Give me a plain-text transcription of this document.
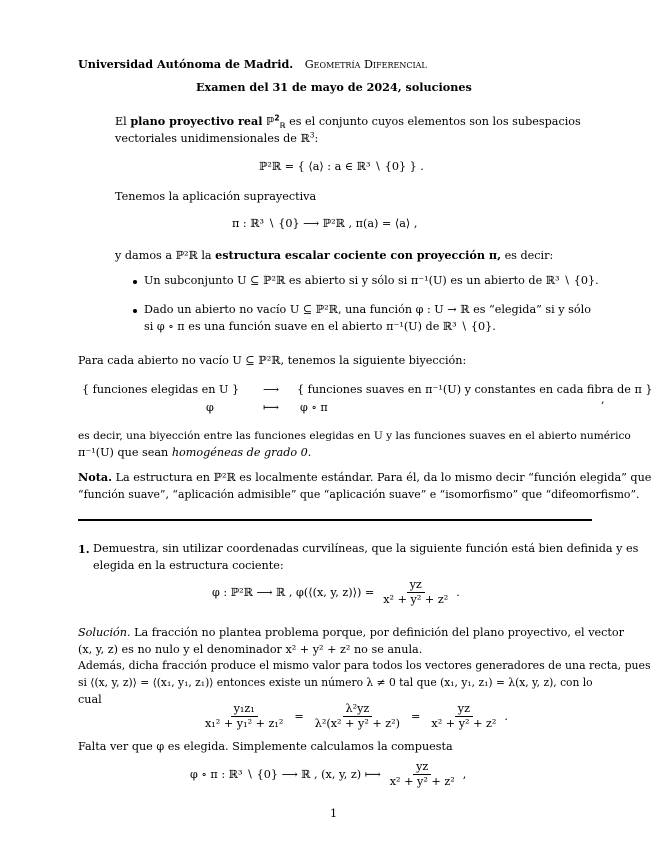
Universidad Autónoma de Madrid. Geometría Diferencial
Examen del 31 de mayo de 2024, soluciones
El plano proyectivo real ℙ$^2_ℝ$ es el conjunto cuyos elementos son los subespacios
vectoriales unidimensionales de ℝ$^3$:
ℙ²ℝ = { ⟨a⟩ : a ∈ ℝ³ ∖ {0} } .
Tenemos la aplicación suprayectiva
π : ℝ³ ∖ {0} ⟶ ℙ²ℝ , π(a) = ⟨a⟩ ,
y damos a ℙ²ℝ la estructura escalar cociente con proyección π, es decir:
Un subconjunto U ⊆ ℙ²ℝ es abierto si y sólo si π⁻¹(U) es un abierto de ℝ³ ∖ {0}.
Dado un abierto no vacío U ⊆ ℙ²ℝ, una función φ : U → ℝ es “elegida” si y sólo
si φ ∘ π es una función suave en el abierto π⁻¹(U) de ℝ³ ∖ {0}.
Para cada abierto no vacío U ⊆ ℙ²ℝ, tenemos la siguiente biyección:
{ funciones elegidas en U } ⟶ { funciones suaves en π⁻¹(U) y constantes en cada fibra de π }
,
φ	⟼ φ ∘ π
es decir, una biyección entre las funciones elegidas en U y las funciones suaves en el abierto numérico
π⁻¹(U) que sean homogéneas de grado 0.
Nota. La estructura en ℙ²ℝ es localmente estándar. Para él, da lo mismo decir “función elegida” que
“función suave”, “aplicación admisible” que “aplicación suave” e “isomorfismo” que “difeomorfismo”.
1. Demuestra, sin utilizar coordenadas curvilíneas, que la siguiente función está bien definida y es
elegida en la estructura cociente:
φ : ℙ²ℝ ⟶ ℝ , φ(⟨(x, y, z)⟩) = $\frac{yz}{\text{x² + y² + z²}}$ .
Solución. La fracción no plantea problema porque, por definición del plano proyectivo, el vector
(x, y, z) es no nulo y el denominador x² + y² + z² no se anula.
Además, dicha fracción produce el mismo valor para todos los vectores generadores de una recta, pues
si ⟨(x, y, z)⟩ = ⟨(x₁, y₁, z₁)⟩ entonces existe un número λ ≠ 0 tal que (x₁, y₁, z₁) = λ(x, y, z), con lo
cual
$\frac{\text{y₁z₁}}{\text{x₁² + y₁² + z₁²}} = \frac{\text{λ²yz}}{\text{λ²(x² + y² + z²)}} = \frac{yz}{\text{x² + y² + z²}}$ .
Falta ver que φ es elegida. Simplemente calculamos la compuesta
φ ∘ π : ℝ³ ∖ {0} ⟶ ℝ , (x, y, z) ⟼ $\frac{yz}{\text{x² + y² + z²}}$ ,
1
